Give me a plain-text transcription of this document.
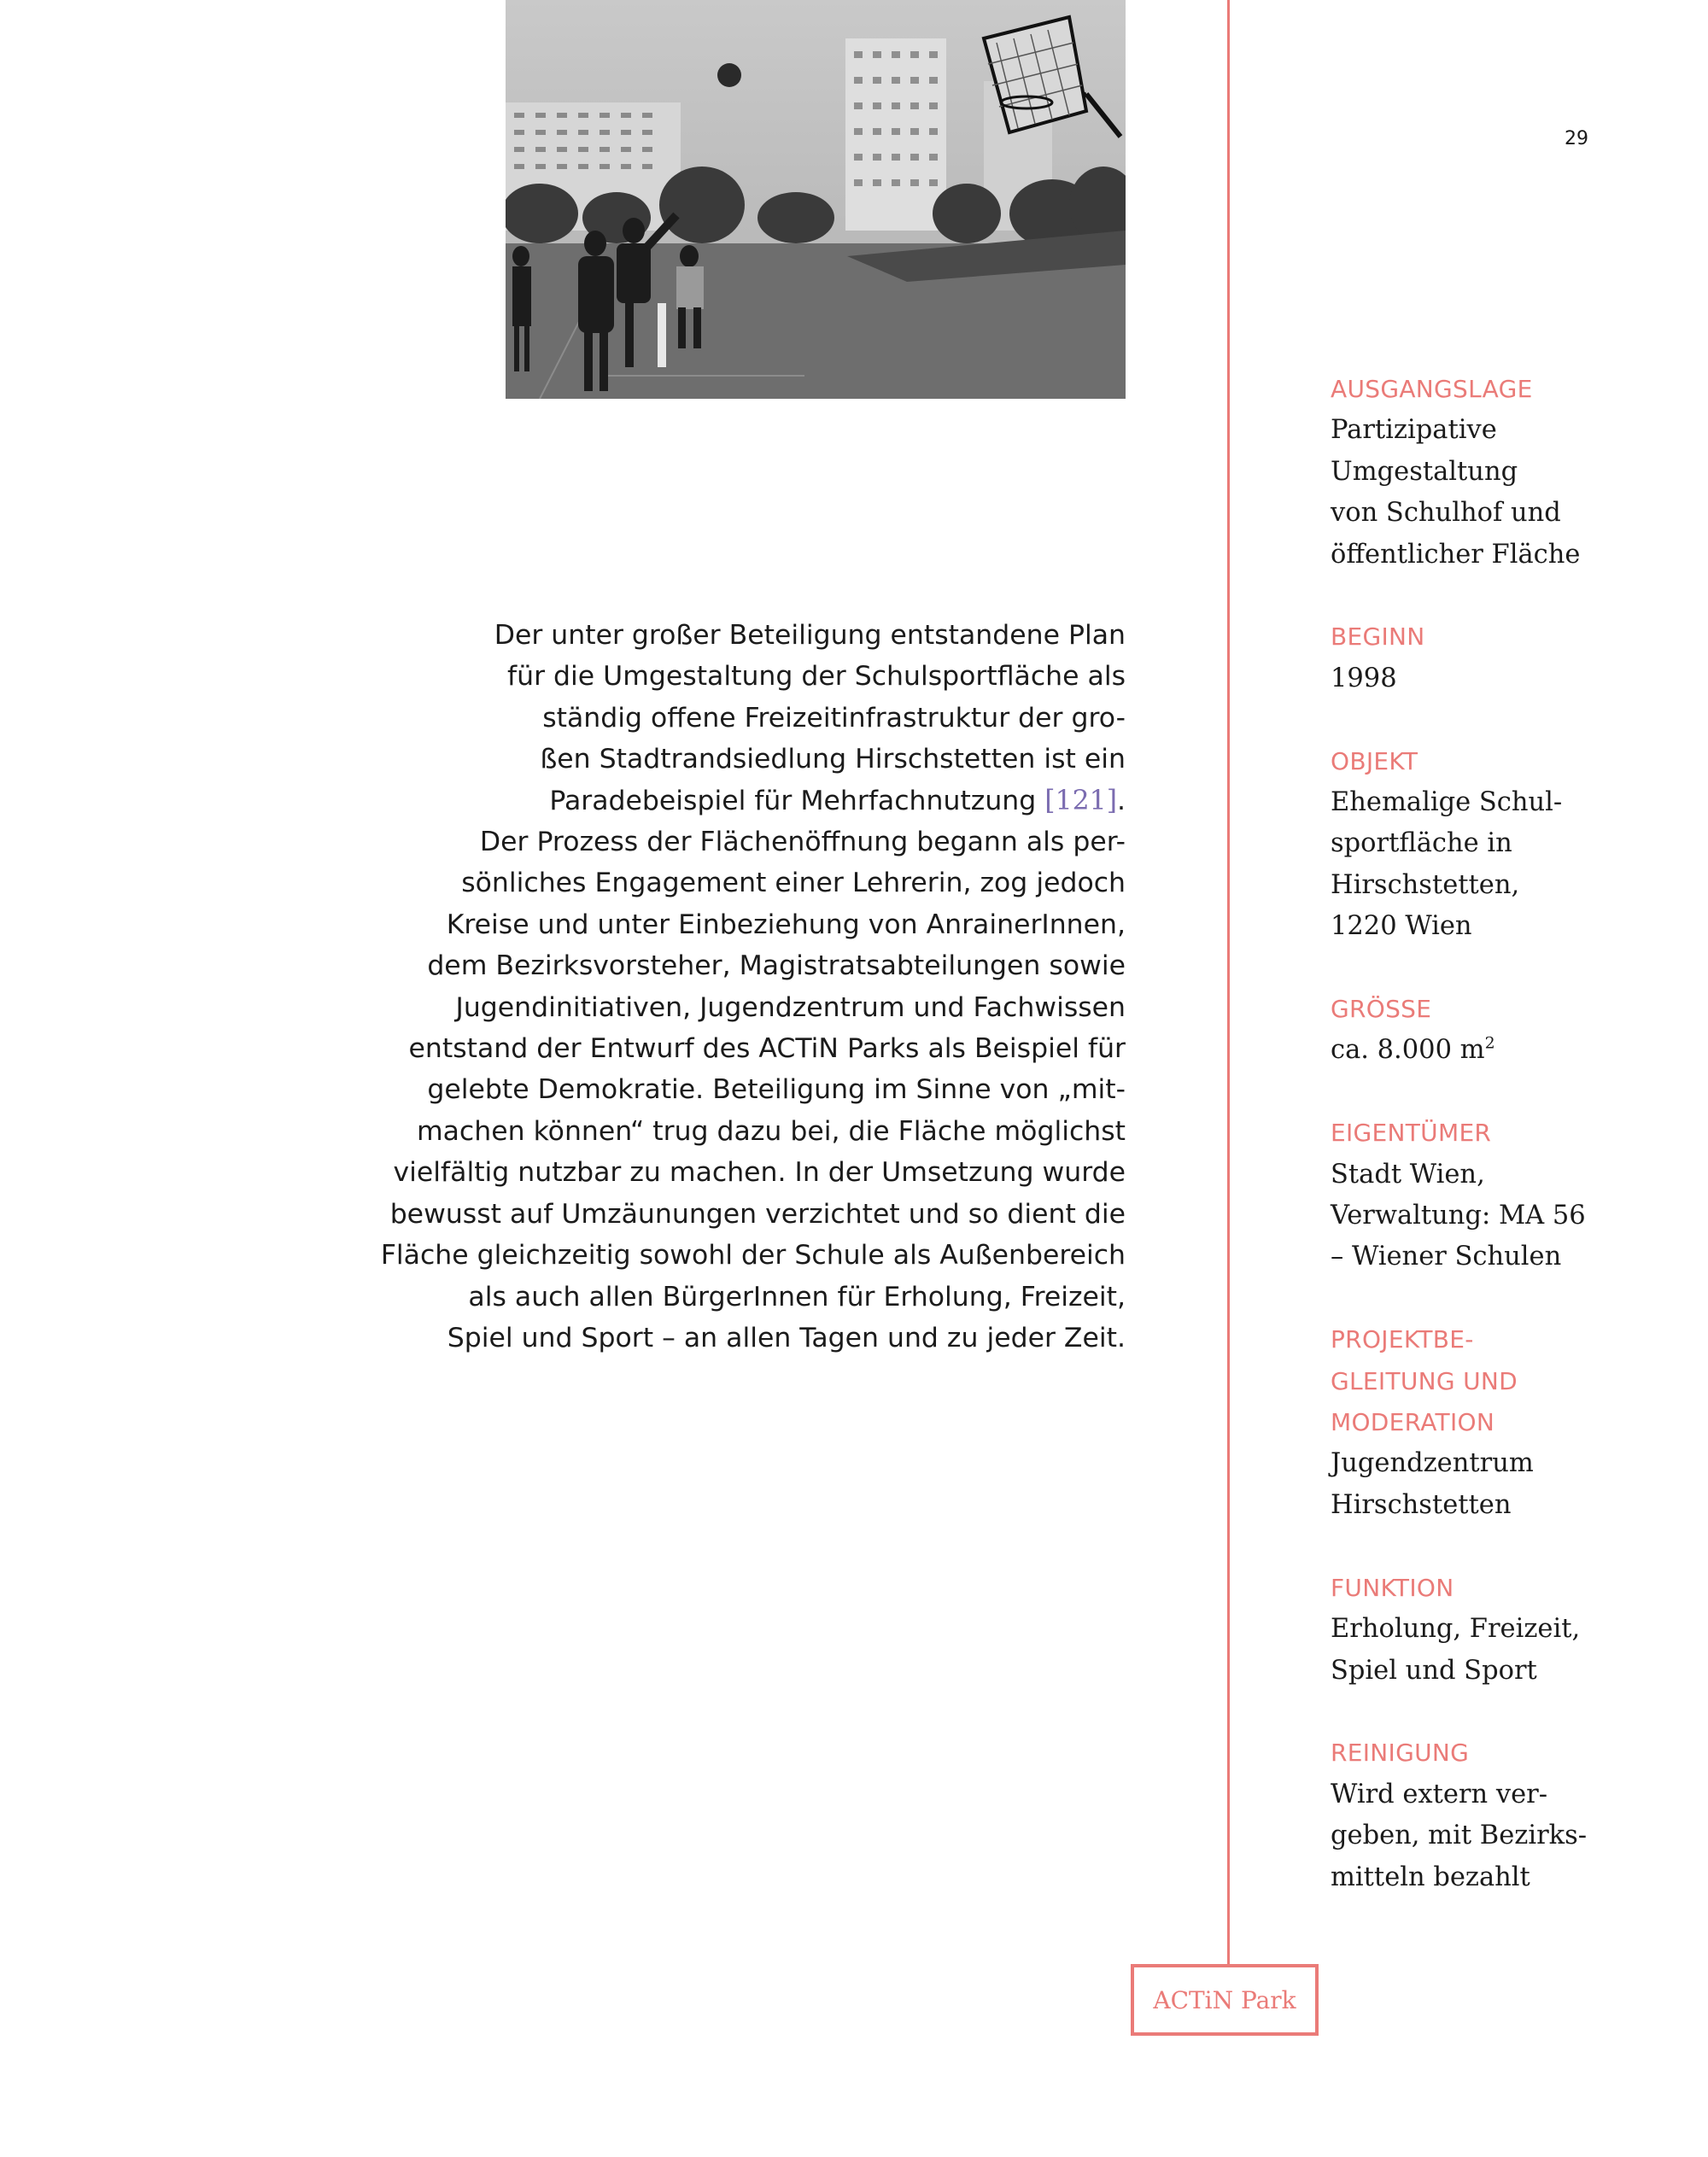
Der unter großer Beteiligung entstandene Plan
für die Umgestaltung der Schulsportfläche als
ständig offene Freizeitinfrastruktur der gro-
ßen Stadtrandsiedlung Hirschstetten ist ein
Paradebeispiel für Mehrfachnutzung [121].
Der Prozess der Flächenöffnung begann als per-
sönliches Engagement einer Lehrerin, zog jedoch
Kreise und unter Einbeziehung von AnrainerInnen,
dem Bezirksvorsteher, Magistratsabteilungen sowie
Jugendinitiativen, Jugendzentrum und Fachwissen
entstand der Entwurf des ACTiN Parks als Beispiel für
gelebte Demokratie. Beteiligung im Sinne von „mit-
machen können“ trug dazu bei, die Fläche möglichst
vielfältig nutzbar zu machen. In der Umsetzung wurde
bewusst auf Umzäunungen verzichtet und so dient die
Fläche gleichzeitig sowohl der Schule als Außenbereich
als auch allen BürgerInnen für Erholung, Freizeit,
Spiel und Sport – an allen Tagen und zu jeder Zeit.
29
AUSGANGSLAGE
Partizipative
Umgestaltung
von Schulhof und
öffentlicher Fläche
BEGINN
1998
OBJEKT
Ehemalige Schul-
sportfläche in
Hirschstetten,
1220 Wien
GRÖSSE
ca. 8.000 $m^2$
EIGENTÜMER
Stadt Wien,
Verwaltung: MA 56
– Wiener Schulen
PROJEKTBE-
GLEITUNG UND
MODERATION
Jugendzentrum
Hirschstetten
FUNKTION
Erholung, Freizeit,
Spiel und Sport
REINIGUNG
Wird extern ver-
geben, mit Bezirks-
mitteln bezahlt
ACTiN Park
